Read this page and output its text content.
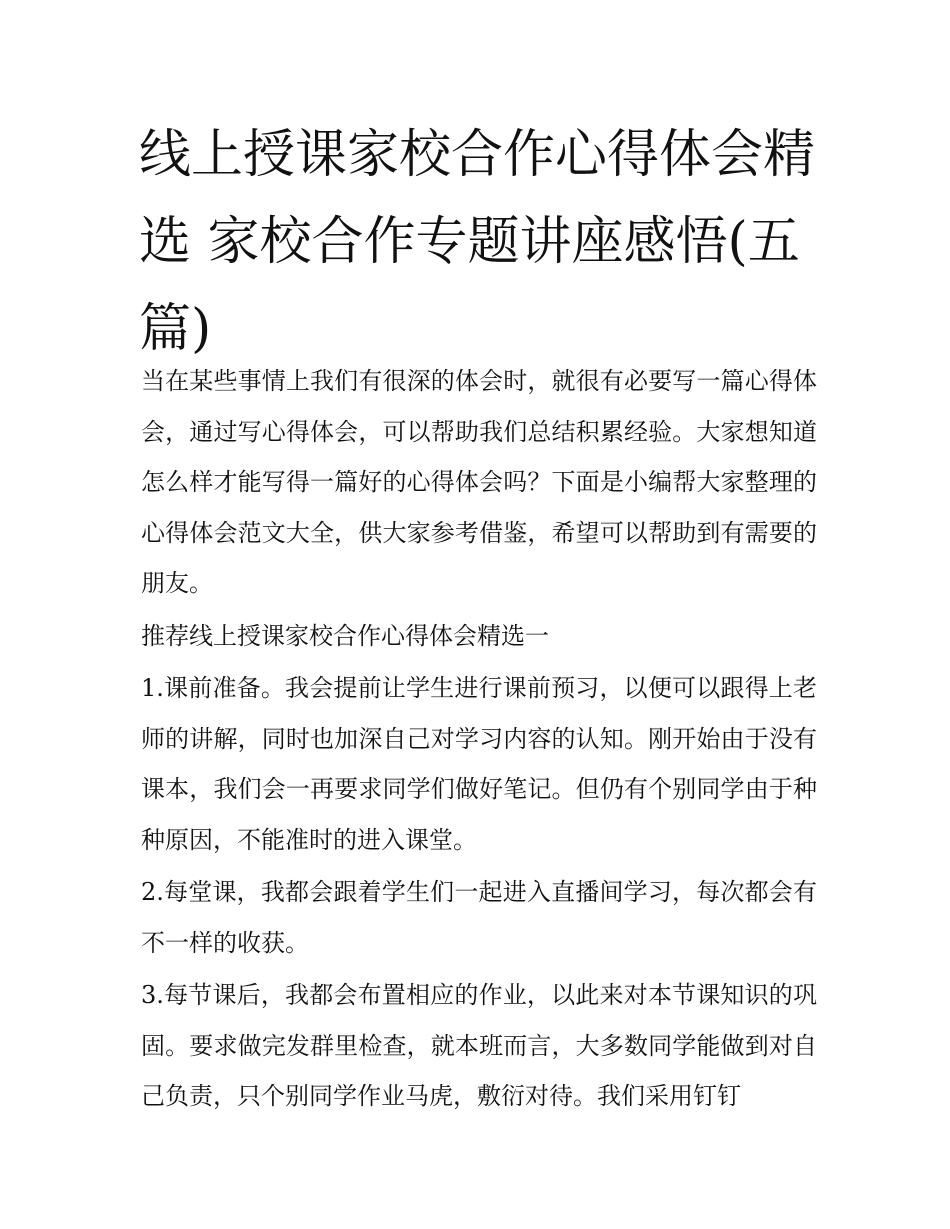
线上授课家校合作心得体会精选 家校合作专题讲座感悟(五篇)

当在某些事情上我们有很深的体会时，就很有必要写一篇心得体会，通过写心得体会，可以帮助我们总结积累经验。大家想知道怎么样才能写得一篇好的心得体会吗？下面是小编帮大家整理的心得体会范文大全，供大家参考借鉴，希望可以帮助到有需要的朋友。

推荐线上授课家校合作心得体会精选一

1.课前准备。我会提前让学生进行课前预习，以便可以跟得上老师的讲解，同时也加深自己对学习内容的认知。刚开始由于没有课本，我们会一再要求同学们做好笔记。但仍有个别同学由于种种原因，不能准时的进入课堂。

2.每堂课，我都会跟着学生们一起进入直播间学习，每次都会有不一样的收获。

3.每节课后，我都会布置相应的作业，以此来对本节课知识的巩固。要求做完发群里检查，就本班而言，大多数同学能做到对自己负责，只个别同学作业马虎，敷衍对待。我们采用钉钉
